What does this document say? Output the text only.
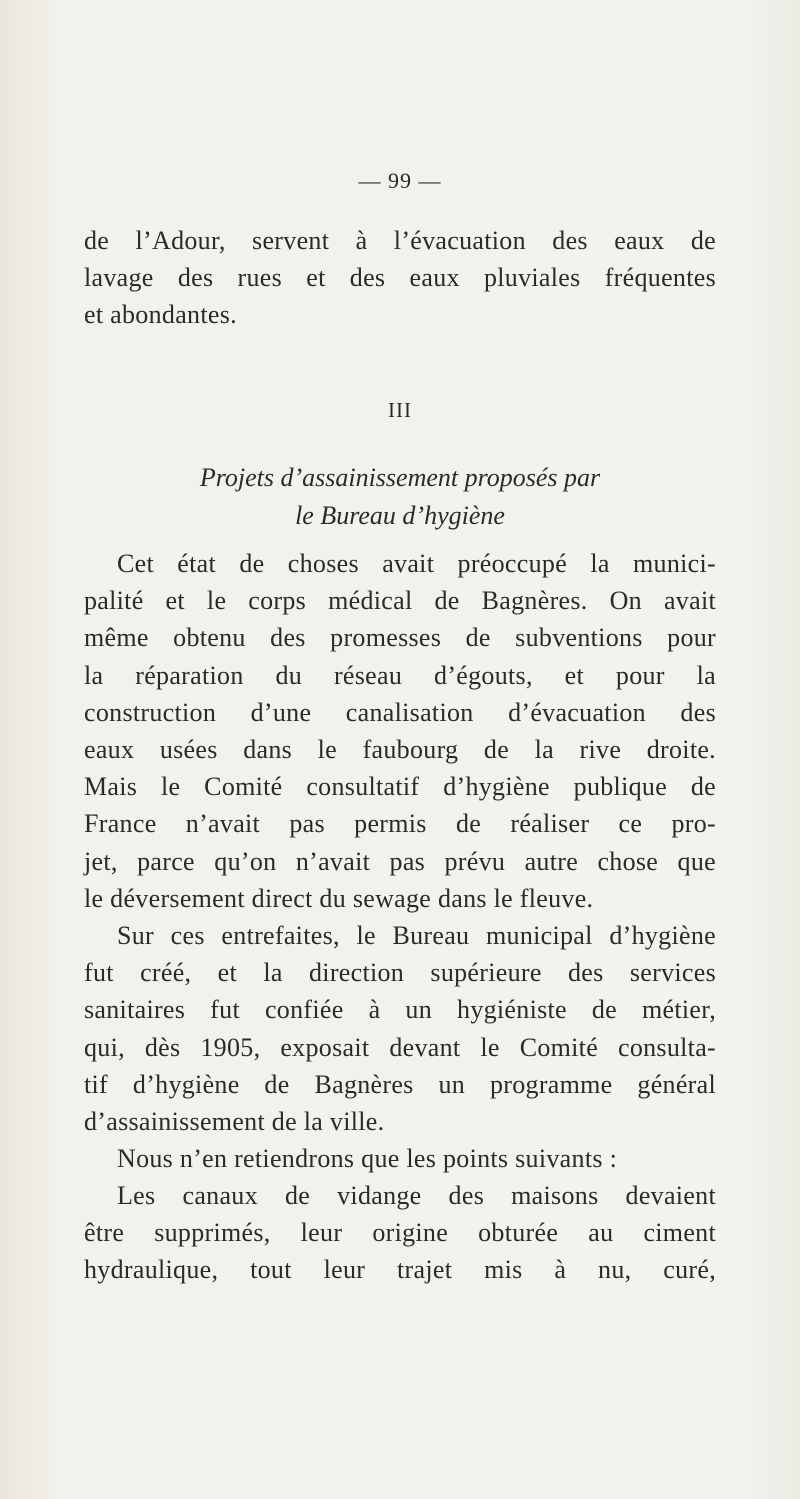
— 99 —
de l’Adour, servent à l’évacuation des eaux de
lavage des rues et des eaux pluviales fréquentes
et abondantes.
III
Projets d’assainissement proposés par
le Bureau d’hygiène
Cet état de choses avait préoccupé la munici-
palité et le corps médical de Bagnères. On avait
même obtenu des promesses de subventions pour
la réparation du réseau d’égouts, et pour la
construction d’une canalisation d’évacuation des
eaux usées dans le faubourg de la rive droite.
Mais le Comité consultatif d’hygiène publique de
France n’avait pas permis de réaliser ce pro-
jet, parce qu’on n’avait pas prévu autre chose que
le déversement direct du sewage dans le fleuve.
Sur ces entrefaites, le Bureau municipal d’hygiène
fut créé, et la direction supérieure des services
sanitaires fut confiée à un hygiéniste de métier,
qui, dès 1905, exposait devant le Comité consulta-
tif d’hygiène de Bagnères un programme général
d’assainissement de la ville.
Nous n’en retiendrons que les points suivants :
Les canaux de vidange des maisons devaient
être supprimés, leur origine obturée au ciment
hydraulique, tout leur trajet mis à nu, curé,
